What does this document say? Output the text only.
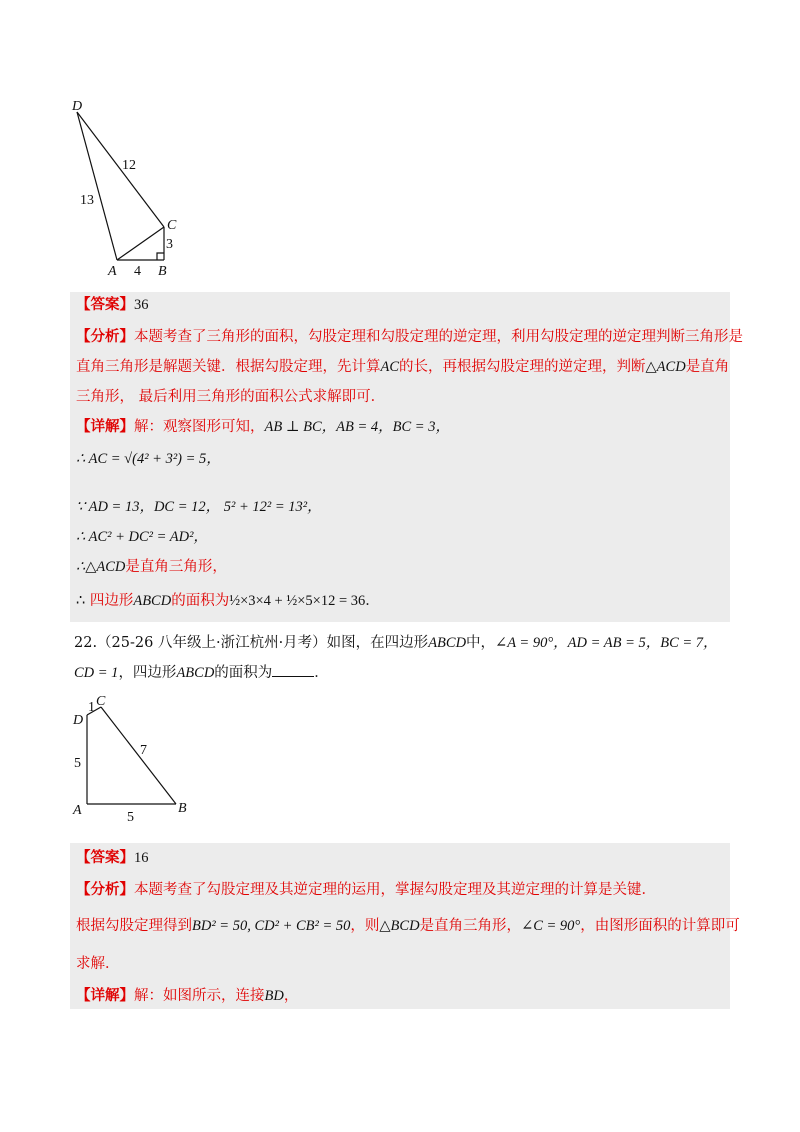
D
C
A	B
12
13
3
4
【答案】36
【分析】本题考查了三角形的面积，勾股定理和勾股定理的逆定理，利用勾股定理的逆定理判断三角形是
直角三角形是解题关键．根据勾股定理，先计算AC的长，再根据勾股定理的逆定理，判断△ACD是直角
三角形， 最后利用三角形的面积公式求解即可．
【详解】解：观察图形可知，AB ⊥ BC，AB = 4，BC = 3，
∴ AC = √(4² + 3²) = 5，
∵ AD = 13，DC = 12， 5² + 12² = 13²，
∴ AC² + DC² = AD²，
∴△ACD是直角三角形，
∴ 四边形ABCD的面积为½×3×4 + ½×5×12 = 36．
22.（25-26 八年级上·浙江杭州·月考）如图，在四边形ABCD中，∠A = 90°，AD = AB = 5，BC = 7，
CD = 1，四边形ABCD的面积为	．
C
D
A	B
1
7
5
5
【答案】16
【分析】本题考查了勾股定理及其逆定理的运用，掌握勾股定理及其逆定理的计算是关键．
根据勾股定理得到BD² = 50, CD² + CB² = 50，则△BCD是直角三角形，∠C = 90°，由图形面积的计算即可
求解．
【详解】解：如图所示，连接BD，
